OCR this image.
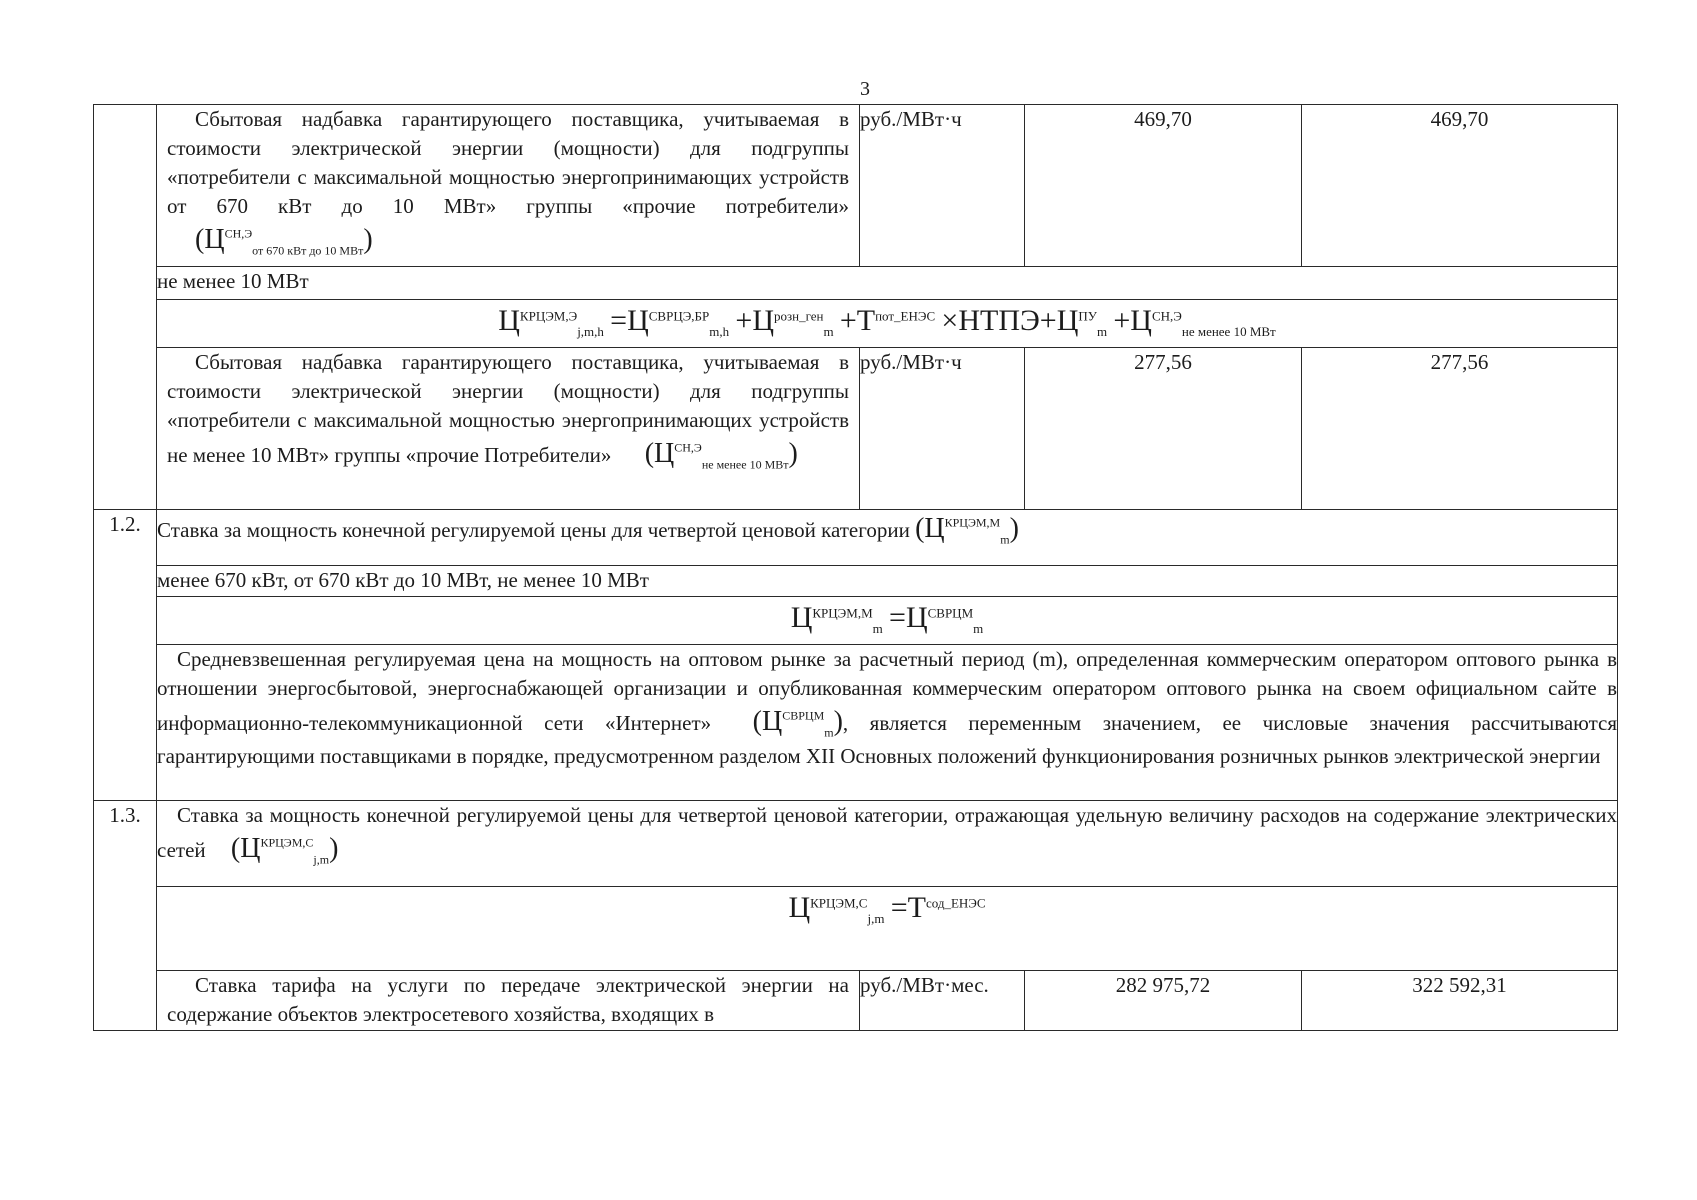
3

	Сбытовая надбавка гарантирующего поставщика, учитываемая в стоимости электрической энергии (мощности) для подгруппы «потребители с максимальной мощностью энергопринимающих устройств от 670 кВт до 10 МВт» группы «прочие потребители» $(Ц^{СН,Э}_{от 670 кВт до 10 МВт})$	руб./МВт·ч	469,70	469,70
	не менее 10 МВт			
	$Ц^{КРЦЭМ,Э}_{j,m,h} =Ц^{СВРЦЭ,БР}_{m,h} +Ц^{розн\_ген}_m +Т^{пот\_ЕНЭС}$ $\times НТПЭ+Ц^{ПУ}_m +Ц^{СН,Э}_{не менее 10 МВт}$

	Сбытовая надбавка гарантирующего поставщика, учитываемая в стоимости электрической энергии (мощности) для подгруппы «потребители с максимальной мощностью энергопринимающих устройств не менее 10 МВт» группы «прочие Потребители» $(Ц^{СН,Э}_{не менее 10 МВт})$	руб./МВт·ч	277,56	277,56
1.2.	Ставка за мощность конечной регулируемой цены для четвертой ценовой категории $(Ц^{КРЦЭМ,М}_m)$			
	менее 670 кВт, от 670 кВт до 10 МВт, не менее 10 МВт			
	$Ц^{КРЦЭМ,М}_m =Ц^{СВРЦМ}_m$
	Средневзвешенная регулируемая цена на мощность на оптовом рынке за расчетный период (m), определенная коммерческим оператором оптового рынка в отношении энергосбытовой, энергоснабжающей организации и опубликованная коммерческим оператором оптового рынка на своем официальном сайте в информационно-телекоммуникационной сети «Интернет» $(Ц^{СВРЦМ}_m)$, является переменным значением, ее числовые значения рассчитываются гарантирующими поставщиками в порядке, предусмотренном разделом XII Основных положений функционирования розничных рынков электрической энергии			
1.3.	Ставка за мощность конечной регулируемой цены для четвертой ценовой категории, отражающая удельную величину расходов на содержание электрических сетей $(Ц^{КРЦЭМ,С}_{j,m})$			
	$Ц^{КРЦЭМ,С}_{j,m} =Т^{сод\_ЕНЭС}$

	Ставка тарифа на услуги по передаче электрической энергии на содержание объектов электросетевого хозяйства, входящих в	руб./МВт·мес.	282 975,72	322 592,31
